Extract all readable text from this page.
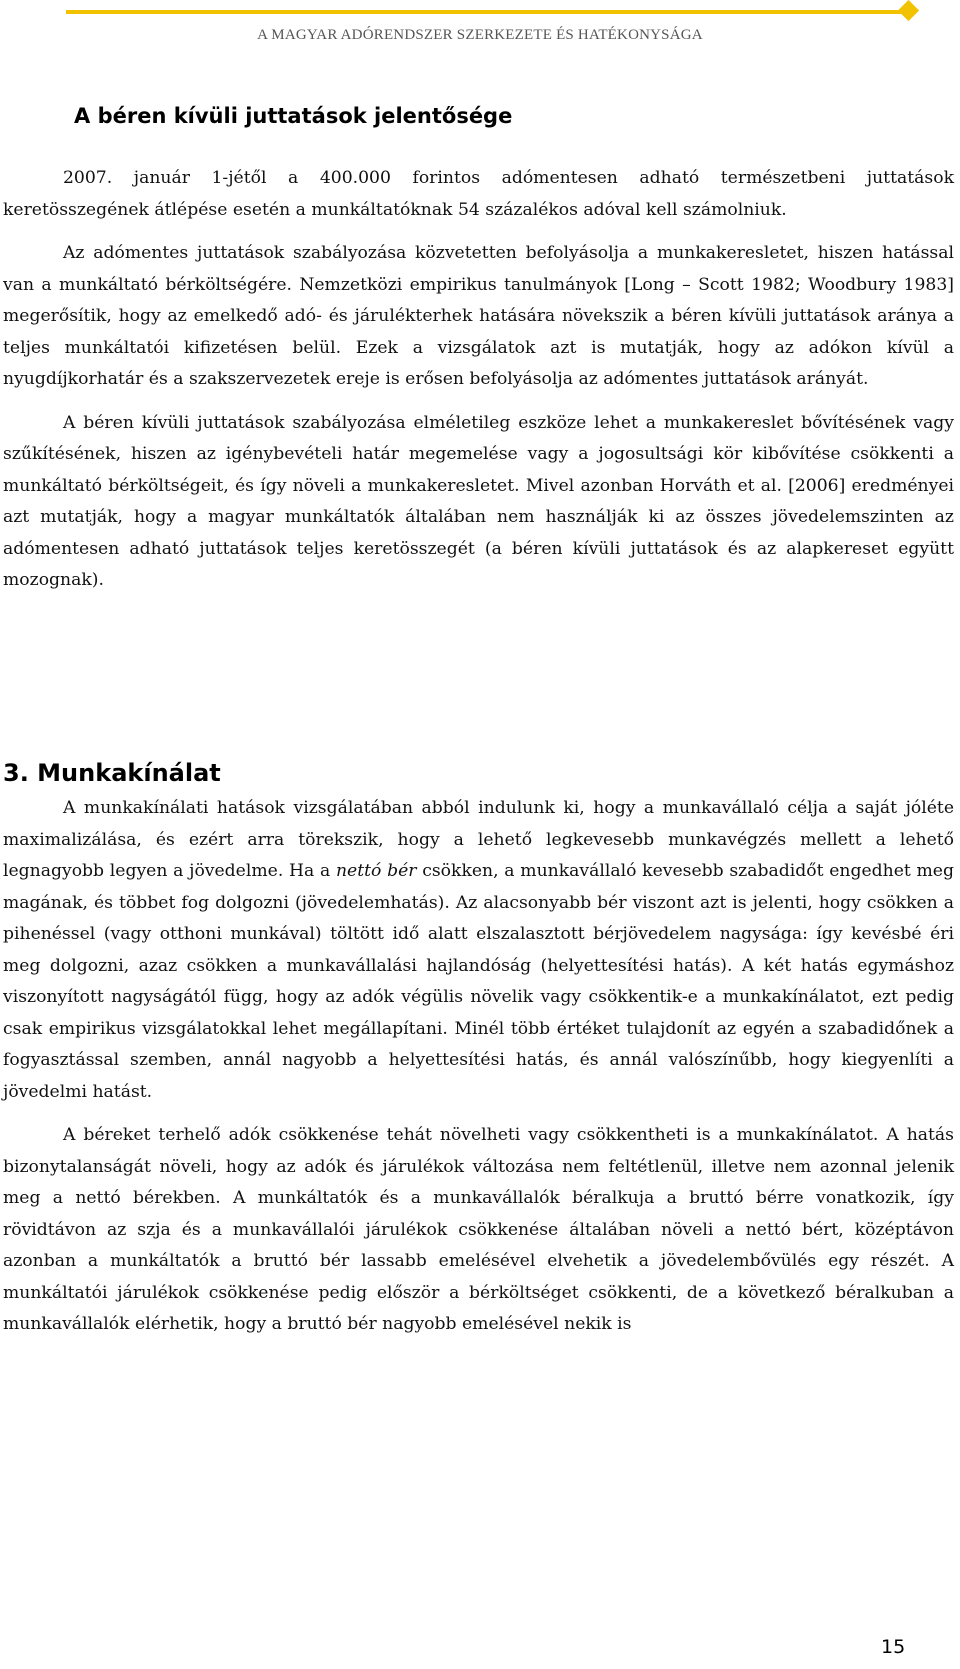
A MAGYAR ADÓRENDSZER SZERKEZETE ÉS HATÉKONYSÁGA
A béren kívüli juttatások jelentősége

2007. január 1-jétől a 400.000 forintos adómentesen adható természetbeni juttatások keretösszegének átlépése esetén a munkáltatóknak 54 százalékos adóval kell számolniuk.

Az adómentes juttatások szabályozása közvetetten befolyásolja a munkakeresletet, hiszen hatással van a munkáltató bérköltségére. Nemzetközi empirikus tanulmányok [Long – Scott 1982; Woodbury 1983] megerősítik, hogy az emelkedő adó- és járulékterhek hatására növekszik a béren kívüli juttatások aránya a teljes munkáltatói kifizetésen belül. Ezek a vizsgálatok azt is mutatják, hogy az adókon kívül a nyugdíjkorhatár és a szakszervezetek ereje is erősen befolyásolja az adómentes juttatások arányát.

A béren kívüli juttatások szabályozása elméletileg eszköze lehet a munkakereslet bővítésének vagy szűkítésének, hiszen az igénybevételi határ megemelése vagy a jogosultsági kör kibővítése csökkenti a munkáltató bérköltségeit, és így növeli a munkakeresletet. Mivel azonban Horváth et al. [2006] eredményei azt mutatják, hogy a magyar munkáltatók általában nem használják ki az összes jövedelemszinten az adómentesen adható juttatások teljes keretösszegét (a béren kívüli juttatások és az alapkereset együtt mozognak).

3. Munkakínálat

A munkakínálati hatások vizsgálatában abból indulunk ki, hogy a munkavállaló célja a saját jóléte maximalizálása, és ezért arra törekszik, hogy a lehető legkevesebb munkavégzés mellett a lehető legnagyobb legyen a jövedelme. Ha a nettó bér csökken, a munkavállaló kevesebb szabadidőt engedhet meg magának, és többet fog dolgozni (jövedelemhatás). Az alacsonyabb bér viszont azt is jelenti, hogy csökken a pihenéssel (vagy otthoni munkával) töltött idő alatt elszalasztott bérjövedelem nagysága: így kevésbé éri meg dolgozni, azaz csökken a munkavállalási hajlandóság (helyettesítési hatás). A két hatás egymáshoz viszonyított nagyságától függ, hogy az adók végülis növelik vagy csökkentik-e a munkakínálatot, ezt pedig csak empirikus vizsgálatokkal lehet megállapítani. Minél több értéket tulajdonít az egyén a szabadidőnek a fogyasztással szemben, annál nagyobb a helyettesítési hatás, és annál valószínűbb, hogy kiegyenlíti a jövedelmi hatást.

A béreket terhelő adók csökkenése tehát növelheti vagy csökkentheti is a munkakínálatot. A hatás bizonytalanságát növeli, hogy az adók és járulékok változása nem feltétlenül, illetve nem azonnal jelenik meg a nettó bérekben. A munkáltatók és a munkavállalók béralkuja a bruttó bérre vonatkozik, így rövidtávon az szja és a munkavállalói járulékok csökkenése általában növeli a nettó bért, középtávon azonban a munkáltatók a bruttó bér lassabb emelésével elvehetik a jövedelembővülés egy részét. A munkáltatói járulékok csökkenése pedig először a bérköltséget csökkenti, de a következő béralkuban a munkavállalók elérhetik, hogy a bruttó bér nagyobb emelésével nekik is

15
